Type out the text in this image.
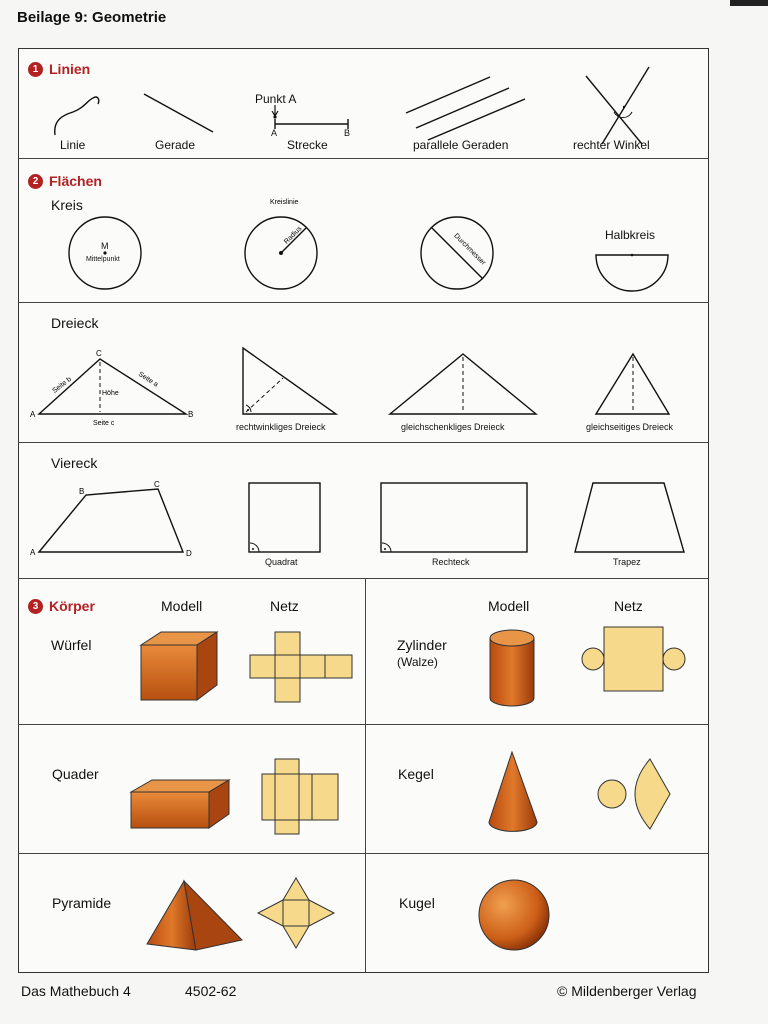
Beilage 9: Geometrie
1 Linien
Linie	Gerade
Punkt A
A	B
Strecke	parallele Geraden	rechter Winkel
2 Flächen
Kreis	Kreislinie
Radius	Durchmesser
M
Mittelpunkt
Halbkreis
Dreieck
Seite b	Seite a
Höhe
Seite c
C
A	B
rechtwinkliges Dreieck	gleichschenkliges Dreieck	gleichseitiges Dreieck
Viereck
A
B
C
D
Quadrat	Rechteck	Trapez
3 Körper	Modell	Netz	Modell	Netz
Würfel	Zylinder
(Walze)
Quader	Kegel
Pyramide	Kugel
Das Mathebuch 4	4502-62	© Mildenberger Verlag
